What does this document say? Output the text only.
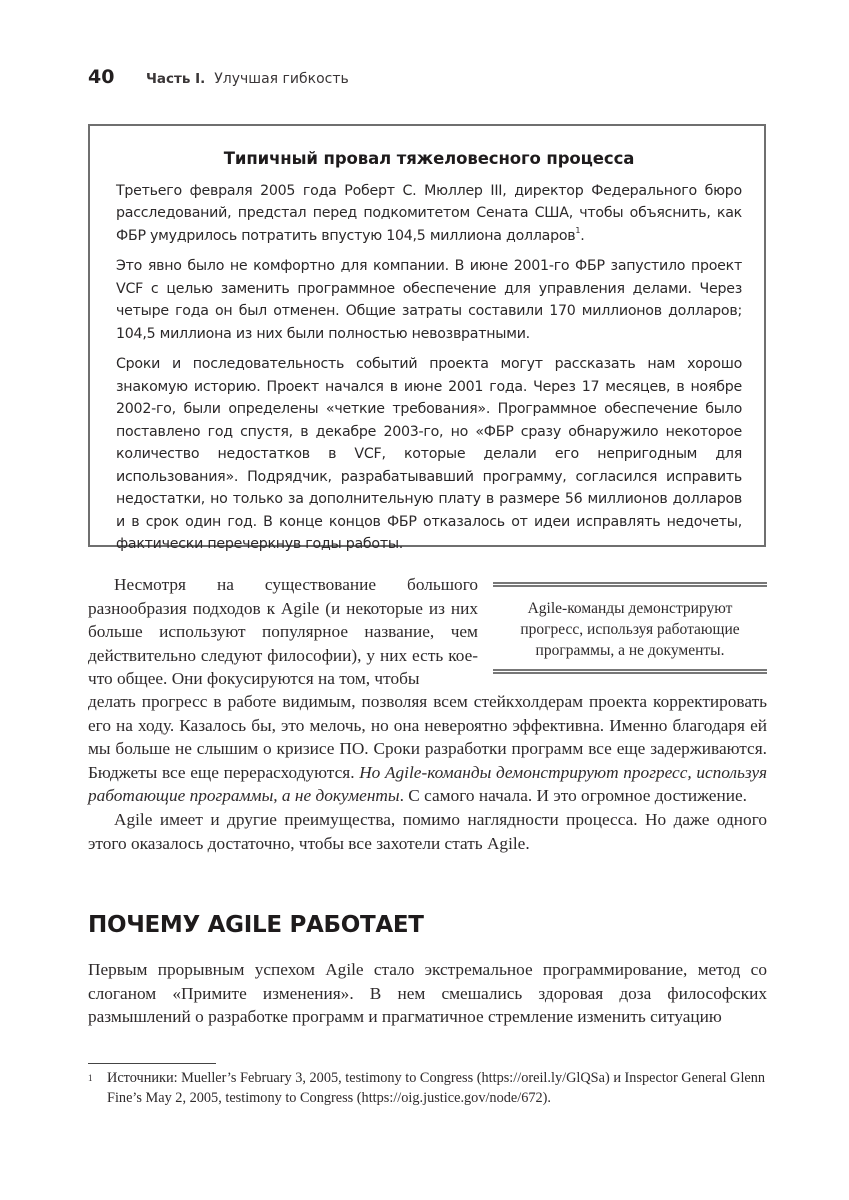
40	Часть I. Улучшая гибкость
Типичный провал тяжеловесного процесса

Третьего февраля 2005 года Роберт С. Мюллер III, директор Федерального бюро расследований, предстал перед подкомитетом Сената США, чтобы объяснить, как ФБР умудрилось потратить впустую 104,5 миллиона долларов$^1$.

Это явно было не комфортно для компании. В июне 2001-го ФБР запустило проект VCF с целью заменить программное обеспечение для управления делами. Через четыре года он был отменен. Общие затраты составили 170 миллионов долларов; 104,5 миллиона из них были полностью невозвратными.

Сроки и последовательность событий проекта могут рассказать нам хорошо знакомую историю. Проект начался в июне 2001 года. Через 17 месяцев, в ноябре 2002-го, были определены «четкие требования». Программное обеспечение было поставлено год спустя, в декабре 2003-го, но «ФБР сразу обнаружило некоторое количество недостатков в VCF, которые делали его непригодным для использования». Подрядчик, разрабатывавший программу, согласился исправить недостатки, но только за дополнительную плату в размере 56 миллионов долларов и в срок один год. В конце концов ФБР отказалось от идеи исправлять недочеты, фактически перечеркнув годы работы.

Несмотря на существование большого разнообразия подходов к Agile (и некоторые из них больше используют популярное название, чем действительно следуют философии), у них есть кое-что общее. Они фокусируются на том, чтобы

Agile-команды демонстрируют прогресс, используя работающие программы, а не документы.

делать прогресс в работе видимым, позволяя всем стейкхолдерам проекта корректировать его на ходу. Казалось бы, это мелочь, но она невероятно эффективна. Именно благодаря ей мы больше не слышим о кризисе ПО. Сроки разработки программ все еще задерживаются. Бюджеты все еще перерасходуются. Но Agile-команды демонстрируют прогресс, используя работающие программы, а не документы. С самого начала. И это огромное достижение.

Agile имеет и другие преимущества, помимо наглядности процесса. Но даже одного этого оказалось достаточно, чтобы все захотели стать Agile.

ПОЧЕМУ AGILE РАБОТАЕТ

Первым прорывным успехом Agile стало экстремальное программирование, метод со слоганом «Примите изменения». В нем смешались здоровая доза философских размышлений о разработке программ и прагматичное стремление изменить ситуацию

1	Источники: Mueller’s February 3, 2005, testimony to Congress (https://oreil.ly/GlQSa) и Inspector General Glenn Fine’s May 2, 2005, testimony to Congress (https://oig.justice.gov/node/672).
